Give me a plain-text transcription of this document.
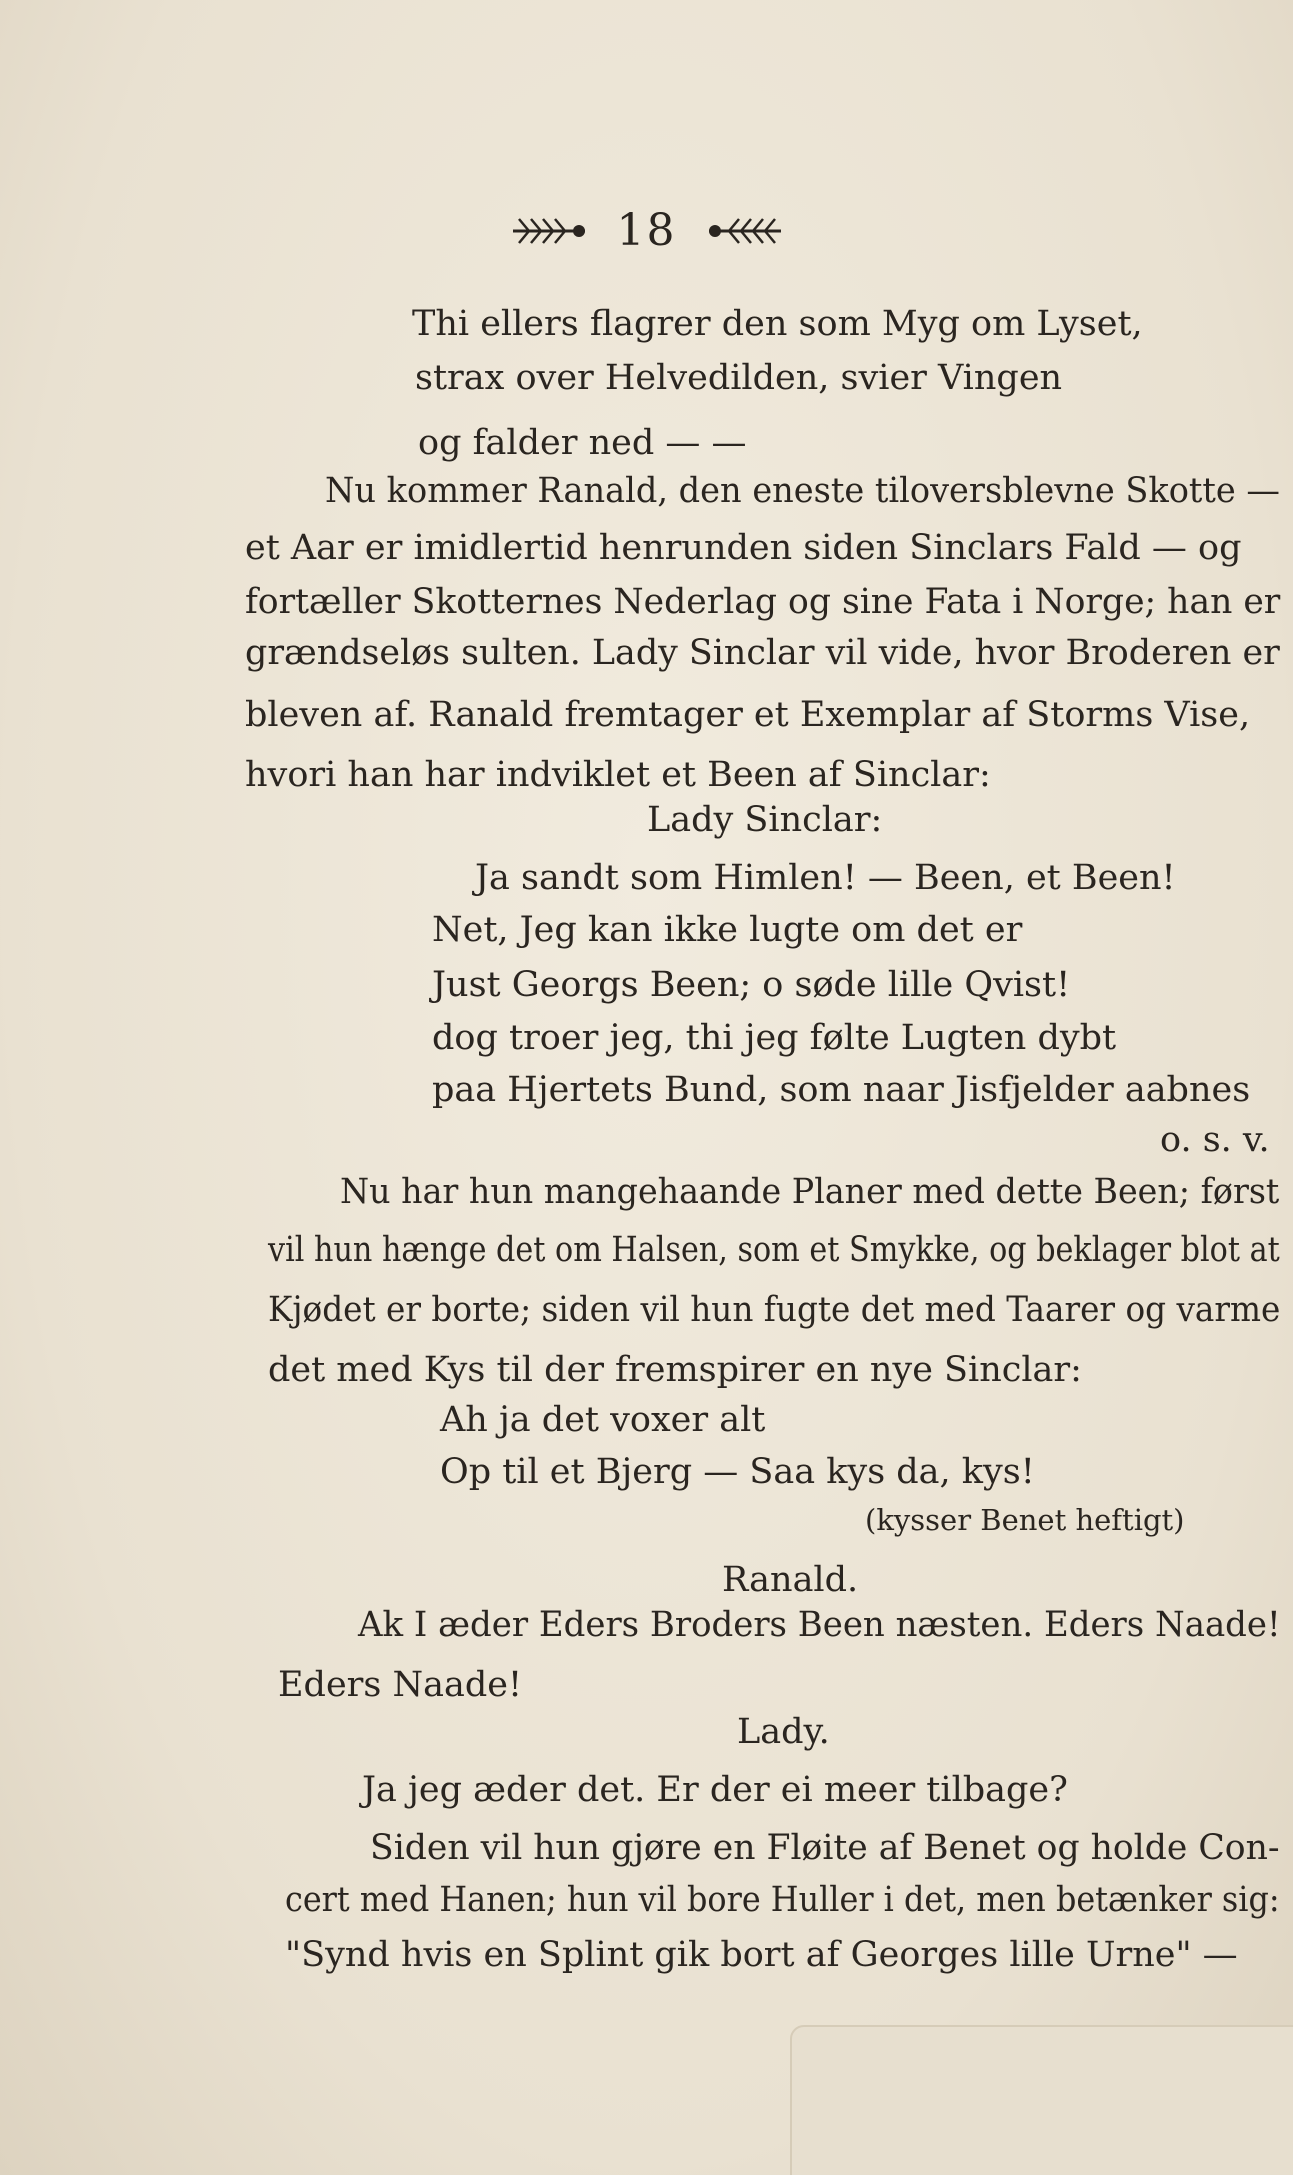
18
Thi ellers flagrer den som Myg om Lyset,
strax over Helvedilden, svier Vingen
og falder ned — —
Nu kommer Ranald, den eneste tiloversblevne Skotte —
et Aar er imidlertid henrunden siden Sinclars Fald — og
fortæller Skotternes Nederlag og sine Fata i Norge; han er
grændseløs sulten. Lady Sinclar vil vide, hvor Broderen er
bleven af. Ranald fremtager et Exemplar af Storms Vise,
hvori han har indviklet et Been af Sinclar:
Lady Sinclar:
Ja sandt som Himlen! — Been, et Been!
Net, Jeg kan ikke lugte om det er
Just Georgs Been; o søde lille Qvist!
dog troer jeg, thi jeg følte Lugten dybt
paa Hjertets Bund, som naar Jisfjelder aabnes
o. s. v.
Nu har hun mangehaande Planer med dette Been; først
vil hun hænge det om Halsen, som et Smykke, og beklager blot at
Kjødet er borte; siden vil hun fugte det med Taarer og varme
det med Kys til der fremspirer en nye Sinclar:
Ah ja det voxer alt
Op til et Bjerg — Saa kys da, kys!
(kysser Benet heftigt)
Ranald.
Ak I æder Eders Broders Been næsten. Eders Naade!
Eders Naade!
Lady.
Ja jeg æder det. Er der ei meer tilbage?
Siden vil hun gjøre en Fløite af Benet og holde Con-
cert med Hanen; hun vil bore Huller i det, men betænker sig:
"Synd hvis en Splint gik bort af Georges lille Urne" —
